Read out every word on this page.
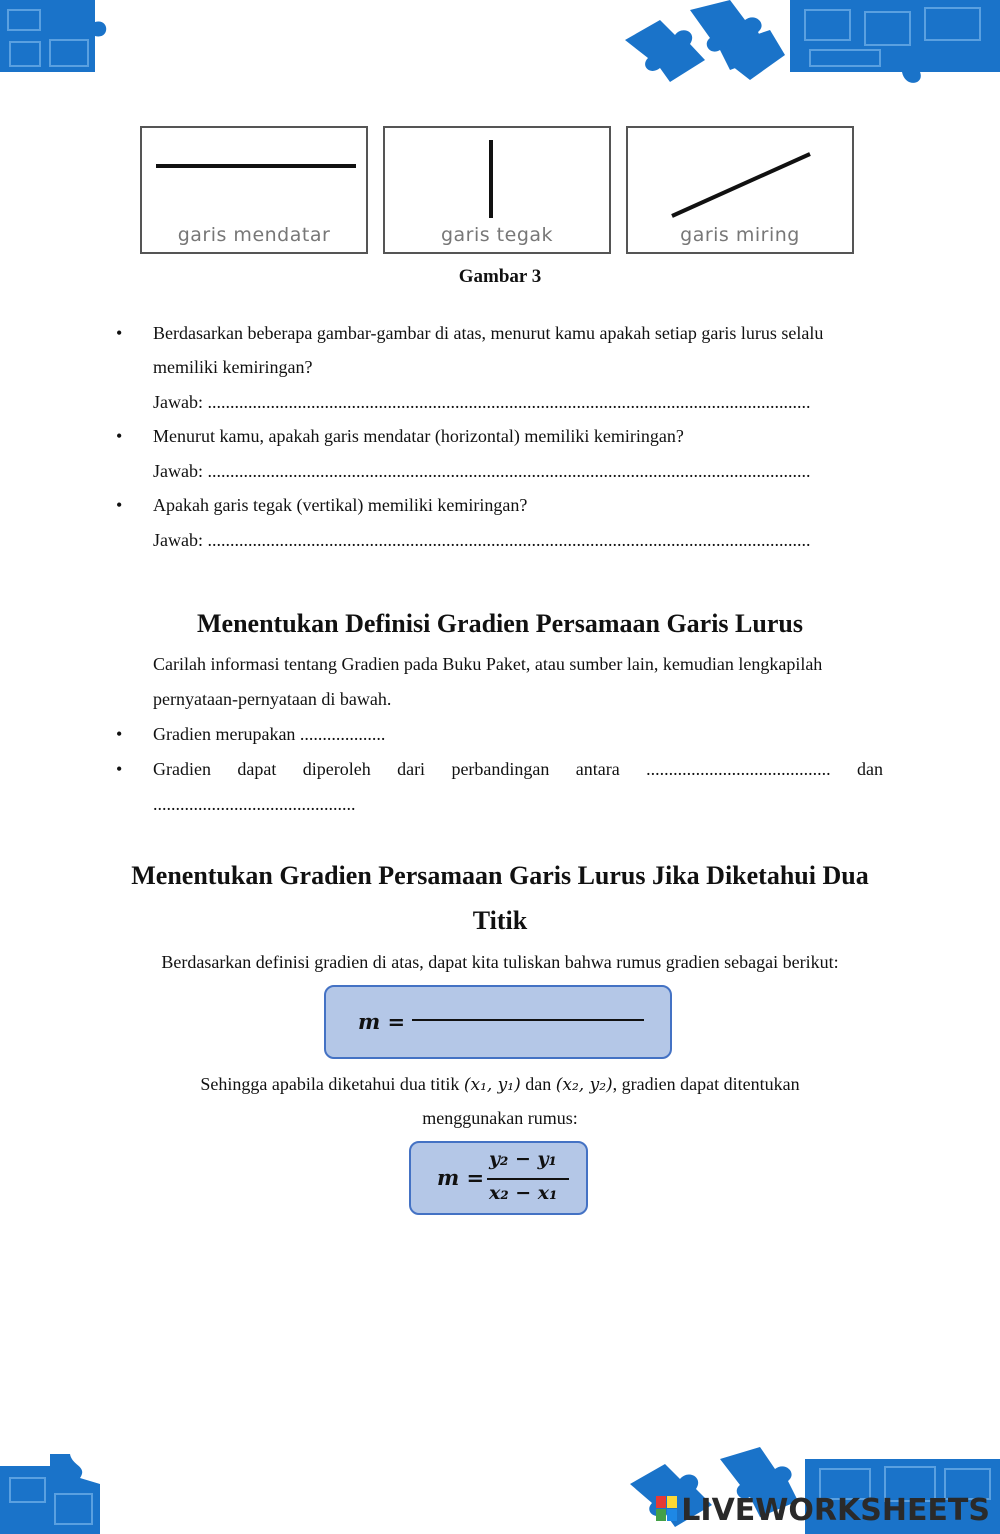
garis mendatar	garis tegak	garis miring
Gambar 3
• Berdasarkan beberapa gambar-gambar di atas, menurut kamu apakah setiap garis lurus selalu
memiliki kemiringan?
Jawab: ......................................................................................................................................
• Menurut kamu, apakah garis mendatar (horizontal) memiliki kemiringan?
Jawab: ......................................................................................................................................
• Apakah garis tegak (vertikal) memiliki kemiringan?
Jawab: ......................................................................................................................................
Menentukan Definisi Gradien Persamaan Garis Lurus
Carilah informasi tentang Gradien pada Buku Paket, atau sumber lain, kemudian lengkapilah
pernyataan-pernyataan di bawah.
• Gradien merupakan ...................
• Gradien dapat diperoleh dari perbandingan antara ......................................... dan
.............................................
Menentukan Gradien Persamaan Garis Lurus Jika Diketahui Dua
Titik
Berdasarkan definisi gradien di atas, dapat kita tuliskan bahwa rumus gradien sebagai berikut:
m =
Sehingga apabila diketahui dua titik (x₁, y₁) dan (x₂, y₂), gradien dapat ditentukan
menggunakan rumus:
m =
y₂ − y₁
x₂ − x₁
LIVEWORKSHEETS
